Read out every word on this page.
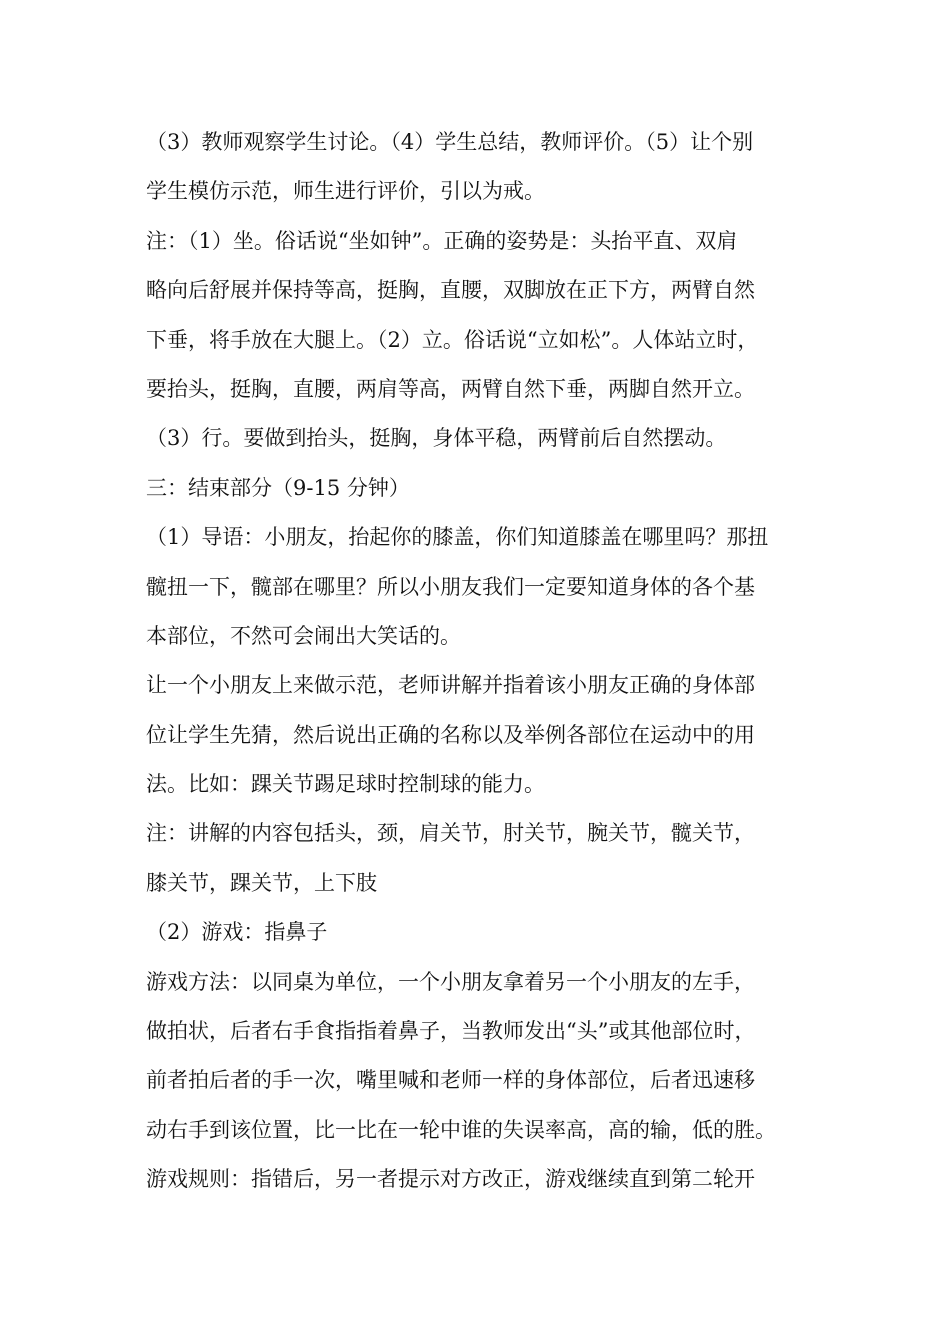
（3）教师观察学生讨论。（4）学生总结，教师评价。（5）让个别
学生模仿示范，师生进行评价，引以为戒。
注：（1）坐。俗话说“坐如钟”。正确的姿势是：头抬平直、双肩
略向后舒展并保持等高，挺胸，直腰，双脚放在正下方，两臂自然
下垂，将手放在大腿上。（2）立。俗话说“立如松”。人体站立时，
要抬头，挺胸，直腰，两肩等高，两臂自然下垂，两脚自然开立。
（3）行。要做到抬头，挺胸，身体平稳，两臂前后自然摆动。
三：结束部分（9-15 分钟）
（1）导语：小朋友，抬起你的膝盖，你们知道膝盖在哪里吗？那扭
髋扭一下，髋部在哪里？所以小朋友我们一定要知道身体的各个基
本部位，不然可会闹出大笑话的。
让一个小朋友上来做示范，老师讲解并指着该小朋友正确的身体部
位让学生先猜，然后说出正确的名称以及举例各部位在运动中的用
法。比如：踝关节踢足球时控制球的能力。
注：讲解的内容包括头，颈，肩关节，肘关节，腕关节，髋关节，
膝关节，踝关节，上下肢
（2）游戏：指鼻子
游戏方法：以同桌为单位，一个小朋友拿着另一个小朋友的左手，
做拍状，后者右手食指指着鼻子，当教师发出“头”或其他部位时，
前者拍后者的手一次，嘴里喊和老师一样的身体部位，后者迅速移
动右手到该位置，比一比在一轮中谁的失误率高，高的输，低的胜。
游戏规则：指错后，另一者提示对方改正，游戏继续直到第二轮开
